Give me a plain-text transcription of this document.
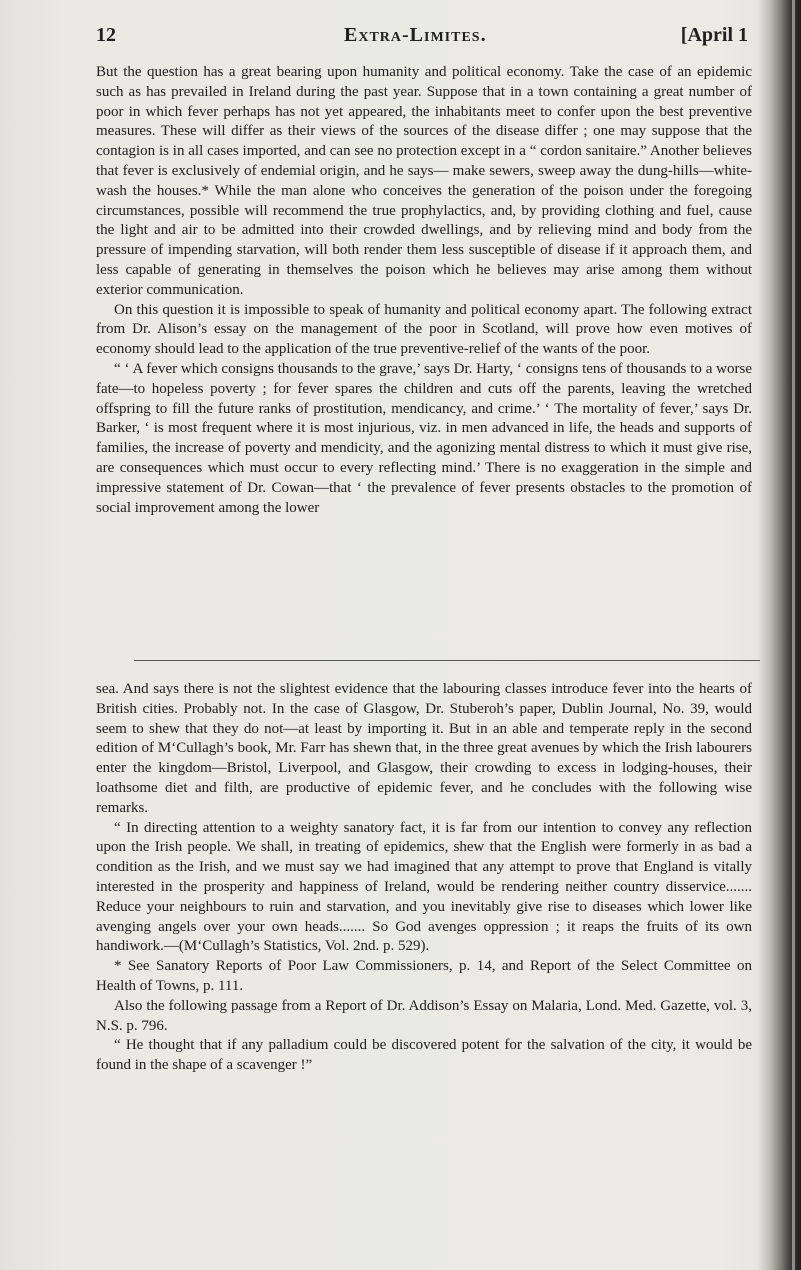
12	Extra-Limites.	[April 1

But the question has a great bearing upon humanity and political economy. Take the case of an epidemic such as has prevailed in Ireland during the past year. Suppose that in a town containing a great number of poor in which fever perhaps has not yet appeared, the inhabitants meet to confer upon the best preventive measures. These will differ as their views of the sources of the disease differ ; one may suppose that the contagion is in all cases imported, and can see no protection except in a “ cordon sanitaire.” Another believes that fever is exclusively of endemial origin, and he says— make sewers, sweep away the dung-hills—white-wash the houses.* While the man alone who conceives the generation of the poison under the foregoing circumstances, possible will recommend the true prophylactics, and, by providing clothing and fuel, cause the light and air to be admitted into their crowded dwellings, and by relieving mind and body from the pressure of impending starvation, will both render them less susceptible of disease if it approach them, and less capable of generating in themselves the poison which he believes may arise among them without exterior communication.

On this question it is impossible to speak of humanity and political economy apart. The following extract from Dr. Alison’s essay on the management of the poor in Scotland, will prove how even motives of economy should lead to the application of the true preventive-relief of the wants of the poor.

“ ‘ A fever which consigns thousands to the grave,’ says Dr. Harty, ‘ consigns tens of thousands to a worse fate—to hopeless poverty ; for fever spares the children and cuts off the parents, leaving the wretched offspring to fill the future ranks of prostitution, mendicancy, and crime.’ ‘ The mortality of fever,’ says Dr. Barker, ‘ is most frequent where it is most injurious, viz. in men advanced in life, the heads and supports of families, the increase of poverty and mendicity, and the agonizing mental distress to which it must give rise, are consequences which must occur to every reflecting mind.’ There is no exaggeration in the simple and impressive statement of Dr. Cowan—that ‘ the prevalence of fever presents obstacles to the promotion of social improvement among the lower

sea. And says there is not the slightest evidence that the labouring classes introduce fever into the hearts of British cities. Probably not. In the case of Glasgow, Dr. Stuberoh’s paper, Dublin Journal, No. 39, would seem to shew that they do not—at least by importing it. But in an able and temperate reply in the second edition of M‘Cullagh’s book, Mr. Farr has shewn that, in the three great avenues by which the Irish labourers enter the kingdom—Bristol, Liverpool, and Glasgow, their crowding to excess in lodging-houses, their loathsome diet and filth, are productive of epidemic fever, and he concludes with the following wise remarks.

“ In directing attention to a weighty sanatory fact, it is far from our intention to convey any reflection upon the Irish people. We shall, in treating of epidemics, shew that the English were formerly in as bad a condition as the Irish, and we must say we had imagined that any attempt to prove that England is vitally interested in the prosperity and happiness of Ireland, would be rendering neither country disservice....... Reduce your neighbours to ruin and starvation, and you inevitably give rise to diseases which lower like avenging angels over your own heads....... So God avenges oppression ; it reaps the fruits of its own handiwork.—(M‘Cullagh’s Statistics, Vol. 2nd. p. 529).

* See Sanatory Reports of Poor Law Commissioners, p. 14, and Report of the Select Committee on Health of Towns, p. 111.

Also the following passage from a Report of Dr. Addison’s Essay on Malaria, Lond. Med. Gazette, vol. 3, N.S. p. 796.

“ He thought that if any palladium could be discovered potent for the salvation of the city, it would be found in the shape of a scavenger !”
